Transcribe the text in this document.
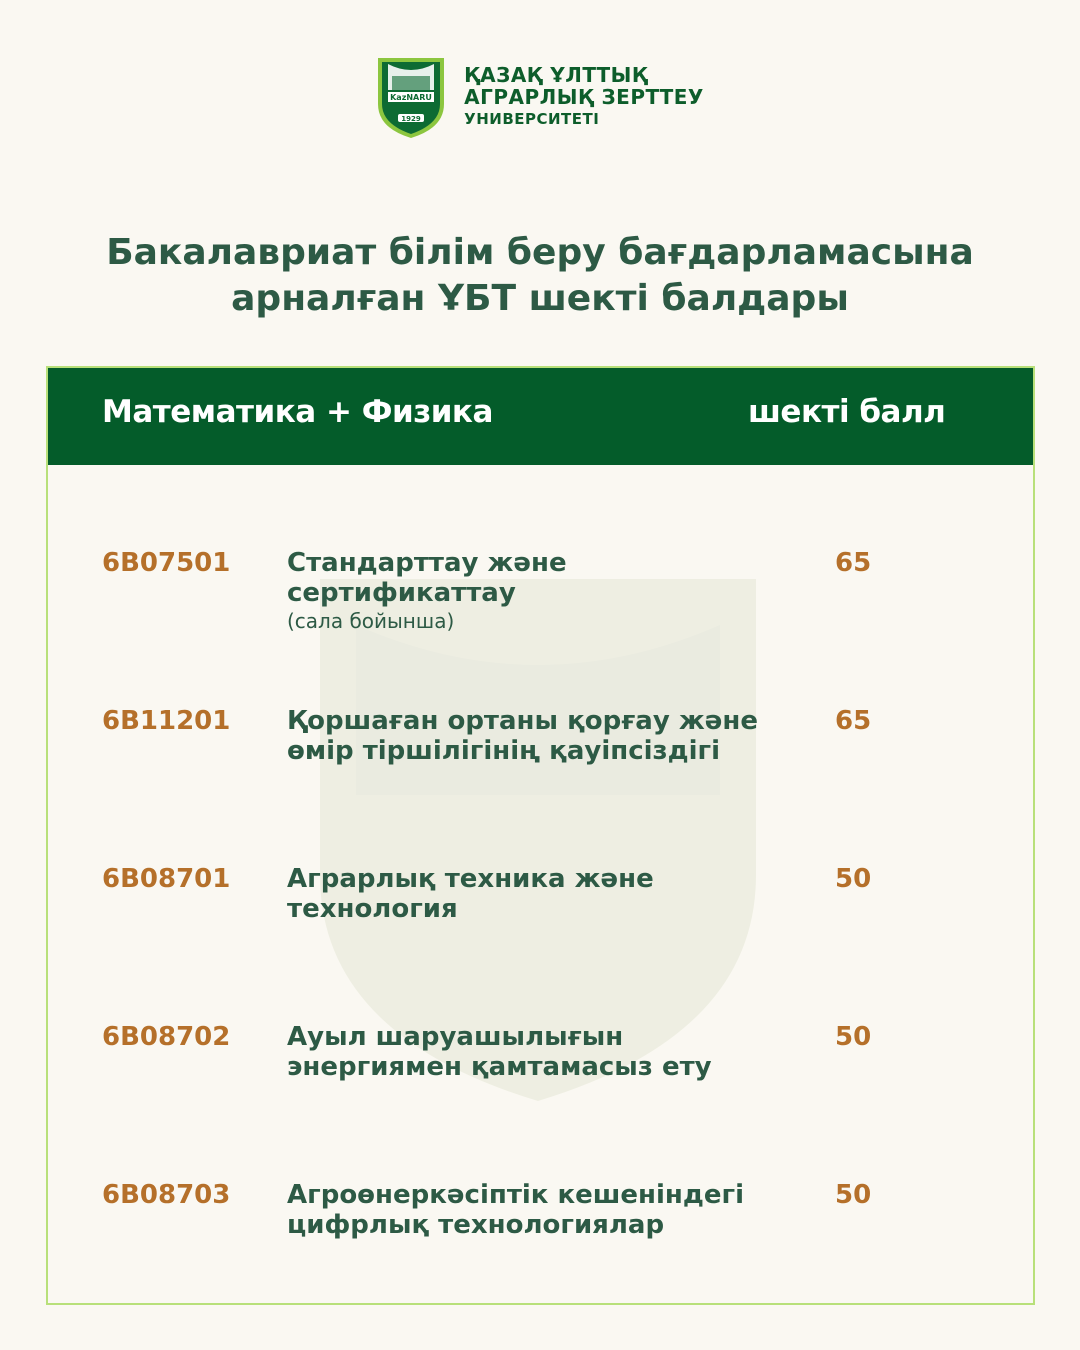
KazNARU
1929
ҚАЗАҚ ҰЛТТЫҚ
АГРАРЛЫҚ ЗЕРТТЕУ
УНИВЕРСИТЕТІ
Бакалавриат білім беру бағдарламасына
арналған ҰБТ шекті балдары
Математика + Физика	шекті балл
6B07501 Стандарттау және сертификаттау
(сала бойынша)
65
6B11201 Қоршаған ортаны қорғау және өмір тіршілігінің қауіпсіздігі
65
6B08701 Аграрлық техника және технология
50
6B08702 Ауыл шаруашылығын энергиямен қамтамасыз ету
50
6B08703 Агроөнеркәсіптік кешеніндегі цифрлық технологиялар
50
